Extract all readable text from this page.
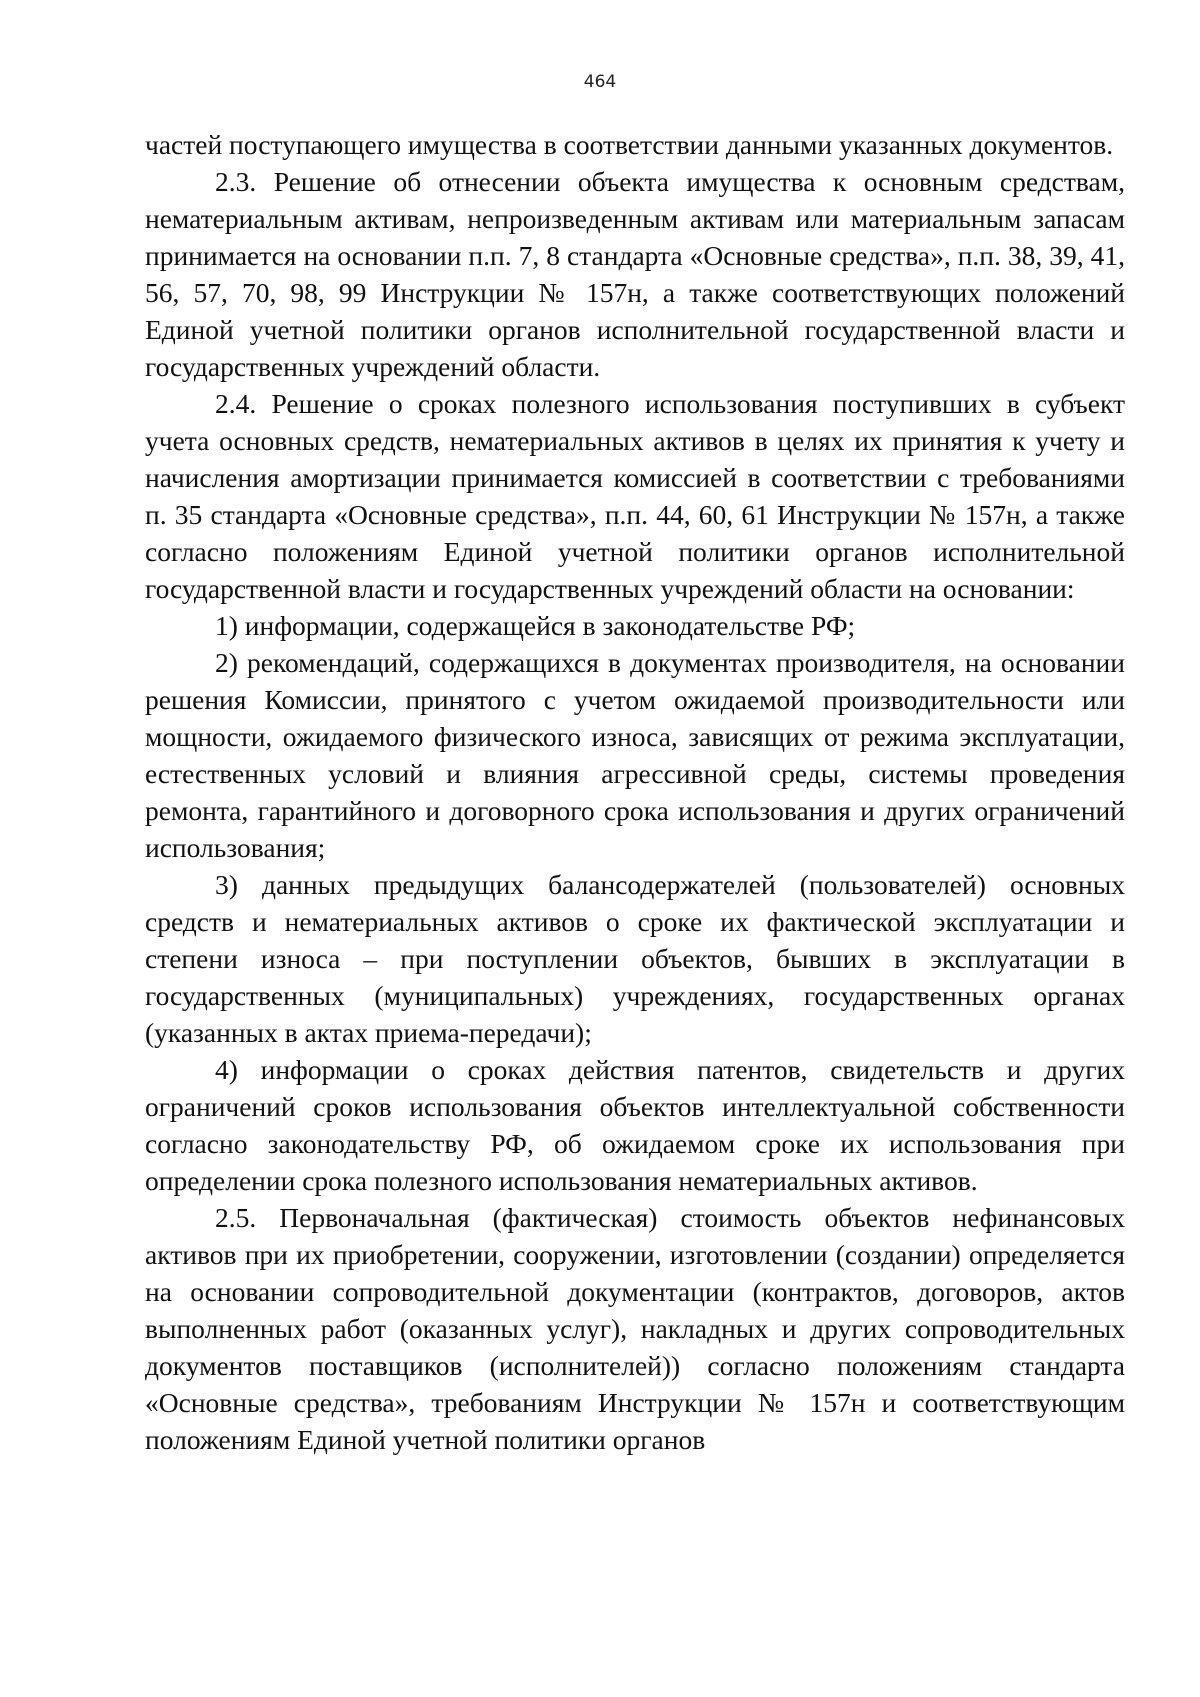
464

частей поступающего имущества в соответствии данными указанных документов.

2.3. Решение об отнесении объекта имущества к основным средствам, нематериальным активам, непроизведенным активам или материальным запасам принимается на основании п.п. 7, 8 стандарта «Основные средства», п.п. 38, 39, 41, 56, 57, 70, 98, 99 Инструкции № 157н, а также соответствующих положений Единой учетной политики органов исполнительной государственной власти и государственных учреждений области.

2.4. Решение о сроках полезного использования поступивших в субъект учета основных средств, нематериальных активов в целях их принятия к учету и начисления амортизации принимается комиссией в соответствии с требованиями п. 35 стандарта «Основные средства», п.п. 44, 60, 61 Инструкции № 157н, а также согласно положениям Единой учетной политики органов исполнительной государственной власти и государственных учреждений области на основании:

1) информации, содержащейся в законодательстве РФ;

2) рекомендаций, содержащихся в документах производителя, на основании решения Комиссии, принятого с учетом ожидаемой производительности или мощности, ожидаемого физического износа, зависящих от режима эксплуатации, естественных условий и влияния агрессивной среды, системы проведения ремонта, гарантийного и договорного срока использования и других ограничений использования;

3) данных предыдущих балансодержателей (пользователей) основных средств и нематериальных активов о сроке их фактической эксплуатации и степени износа – при поступлении объектов, бывших в эксплуатации в государственных (муниципальных) учреждениях, государственных органах (указанных в актах приема-передачи);

4) информации о сроках действия патентов, свидетельств и других ограничений сроков использования объектов интеллектуальной собственности согласно законодательству РФ, об ожидаемом сроке их использования при определении срока полезного использования нематериальных активов.

2.5. Первоначальная (фактическая) стоимость объектов нефинансовых активов при их приобретении, сооружении, изготовлении (создании) определяется на основании сопроводительной документации (контрактов, договоров, актов выполненных работ (оказанных услуг), накладных и других сопроводительных документов поставщиков (исполнителей)) согласно положениям стандарта «Основные средства», требованиям Инструкции № 157н и соответствующим положениям Единой учетной политики органов
